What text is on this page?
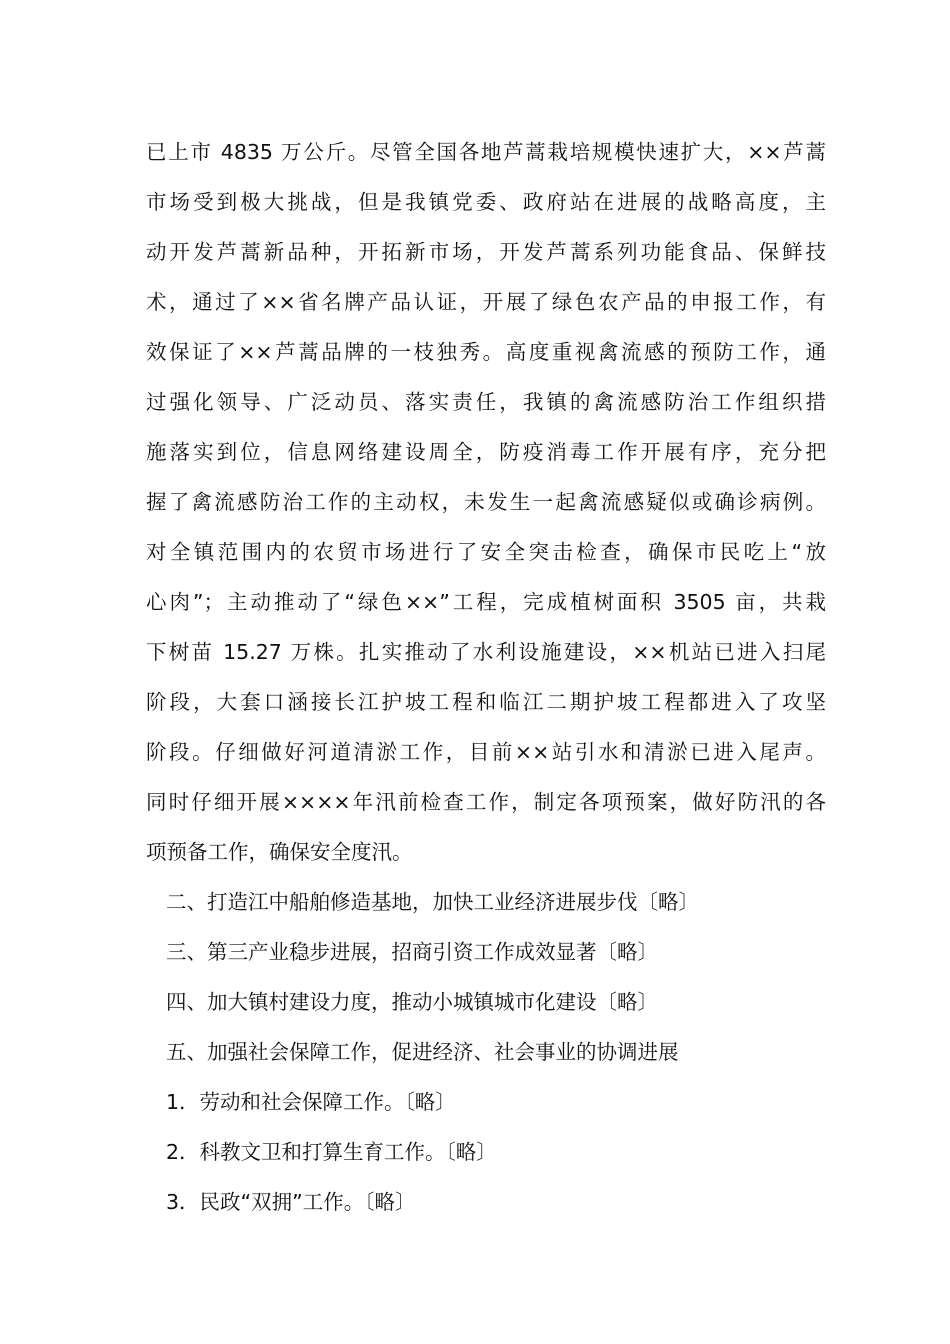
已上市 4835 万公斤。尽管全国各地芦蒿栽培规模快速扩大，××芦蒿
市场受到极大挑战，但是我镇党委、政府站在进展的战略高度，主
动开发芦蒿新品种，开拓新市场，开发芦蒿系列功能食品、保鲜技
术，通过了××省名牌产品认证，开展了绿色农产品的申报工作，有
效保证了××芦蒿品牌的一枝独秀。高度重视禽流感的预防工作，通
过强化领导、广泛动员、落实责任，我镇的禽流感防治工作组织措
施落实到位，信息网络建设周全，防疫消毒工作开展有序，充分把
握了禽流感防治工作的主动权，未发生一起禽流感疑似或确诊病例。
对全镇范围内的农贸市场进行了安全突击检查，确保市民吃上“放
心肉”；主动推动了“绿色××”工程，完成植树面积 3505 亩，共栽
下树苗 15.27 万株。扎实推动了水利设施建设，××机站已进入扫尾
阶段，大套口涵接长江护坡工程和临江二期护坡工程都进入了攻坚
阶段。仔细做好河道清淤工作，目前××站引水和清淤已进入尾声。
同时仔细开展××××年汛前检查工作，制定各项预案，做好防汛的各
项预备工作，确保安全度汛。
二、打造江中船舶修造基地，加快工业经济进展步伐〔略〕
三、第三产业稳步进展，招商引资工作成效显著〔略〕
四、加大镇村建设力度，推动小城镇城市化建设〔略〕
五、加强社会保障工作，促进经济、社会事业的协调进展
1．劳动和社会保障工作。〔略〕
2．科教文卫和打算生育工作。〔略〕
3．民政“双拥”工作。〔略〕
